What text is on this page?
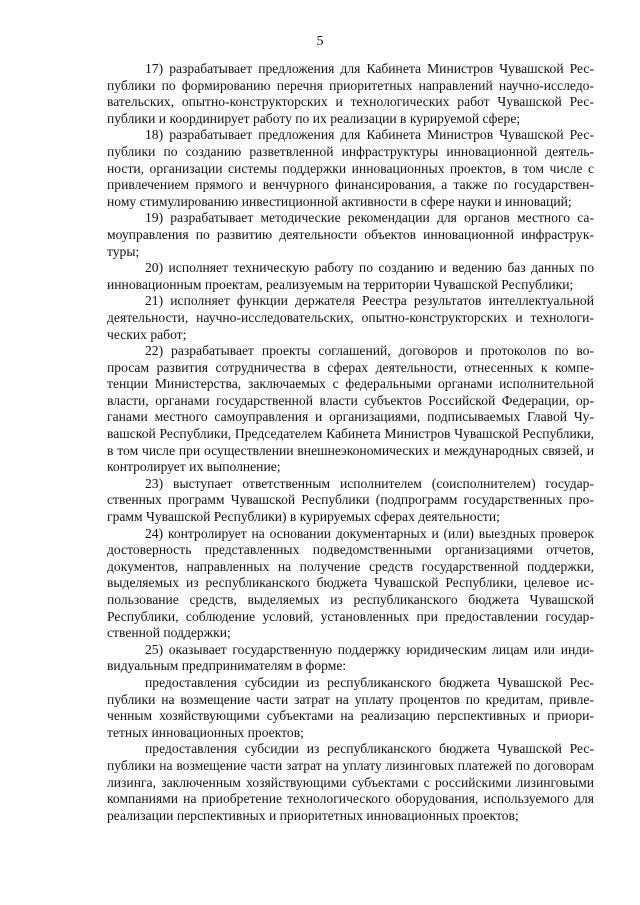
5

17) разрабатывает предложения для Кабинета Министров Чувашской Республики по формированию перечня приоритетных направлений научно-исследовательских, опытно-конструкторских и технологических работ Чувашской Республики и координирует работу по их реализации в курируемой сфере;

18) разрабатывает предложения для Кабинета Министров Чувашской Республики по созданию разветвленной инфраструктуры инновационной деятельности, организации системы поддержки инновационных проектов, в том числе с привлечением прямого и венчурного финансирования, а также по государственному стимулированию инвестиционной активности в сфере науки и инноваций;

19) разрабатывает методические рекомендации для органов местного самоуправления по развитию деятельности объектов инновационной инфраструктуры;

20) исполняет техническую работу по созданию и ведению баз данных по инновационным проектам, реализуемым на территории Чувашской Республики;

21) исполняет функции держателя Реестра результатов интеллектуальной деятельности, научно-исследовательских, опытно-конструкторских и технологических работ;

22) разрабатывает проекты соглашений, договоров и протоколов по вопросам развития сотрудничества в сферах деятельности, отнесенных к компетенции Министерства, заключаемых с федеральными органами исполнительной власти, органами государственной власти субъектов Российской Федерации, органами местного самоуправления и организациями, подписываемых Главой Чувашской Республики, Председателем Кабинета Министров Чувашской Республики, в том числе при осуществлении внешнеэкономических и международных связей, и контролирует их выполнение;

23) выступает ответственным исполнителем (соисполнителем) государственных программ Чувашской Республики (подпрограмм государственных программ Чувашской Республики) в курируемых сферах деятельности;

24) контролирует на основании документарных и (или) выездных проверок достоверность представленных подведомственными организациями отчетов, документов, направленных на получение средств государственной поддержки, выделяемых из республиканского бюджета Чувашской Республики, целевое использование средств, выделяемых из республиканского бюджета Чувашской Республики, соблюдение условий, установленных при предоставлении государственной поддержки;

25) оказывает государственную поддержку юридическим лицам или индивидуальным предпринимателям в форме:

предоставления субсидии из республиканского бюджета Чувашской Республики на возмещение части затрат на уплату процентов по кредитам, привлеченным хозяйствующими субъектами на реализацию перспективных и приоритетных инновационных проектов;

предоставления субсидии из республиканского бюджета Чувашской Республики на возмещение части затрат на уплату лизинговых платежей по договорам лизинга, заключенным хозяйствующими субъектами с российскими лизинговыми компаниями на приобретение технологического оборудования, используемого для реализации перспективных и приоритетных инновационных проектов;
